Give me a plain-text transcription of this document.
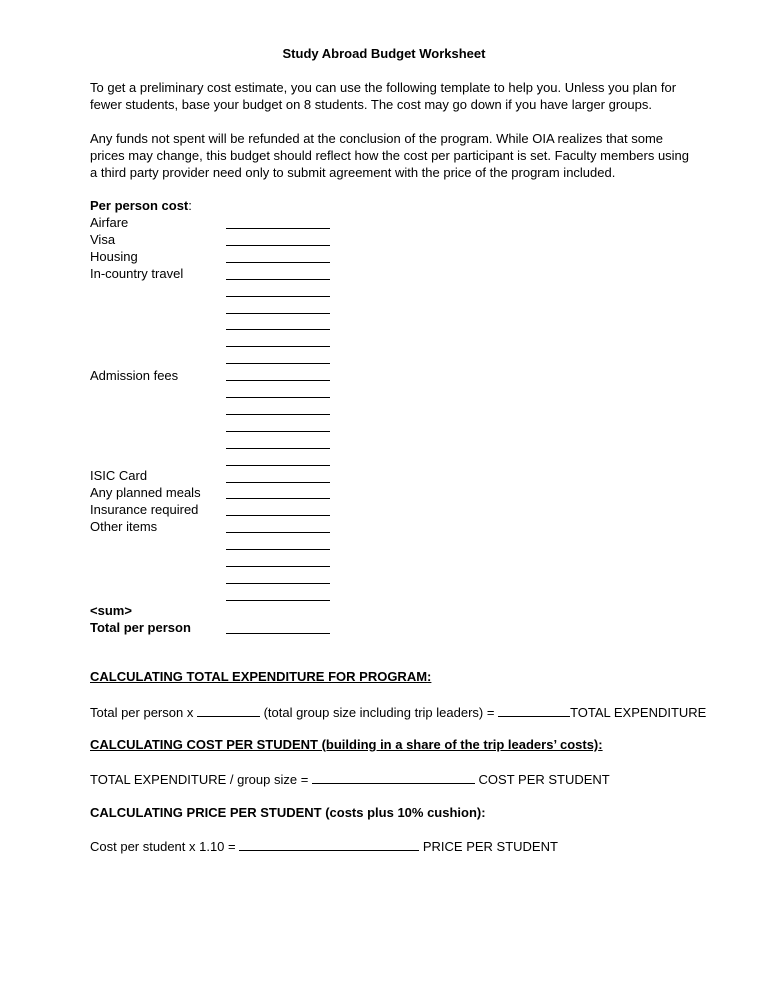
Study Abroad Budget Worksheet
To get a preliminary cost estimate, you can use the following template to help you. Unless you plan for fewer students, base your budget on 8 students. The cost may go down if you have larger groups.
Any funds not spent will be refunded at the conclusion of the program. While OIA realizes that some prices may change, this budget should reflect how the cost per participant is set. Faculty members using a third party provider need only to submit agreement with the price of the program included.
Per person cost:
Airfare
Visa
Housing
In-country travel
Admission fees
ISIC Card
Any planned meals
Insurance required
Other items
<sum>
Total per person
CALCULATING TOTAL EXPENDITURE FOR PROGRAM:
Total per person x	(total group size including trip leaders) =	TOTAL EXPENDITURE
CALCULATING COST PER STUDENT (building in a share of the trip leaders’ costs):
TOTAL EXPENDITURE / group size =	COST PER STUDENT
CALCULATING PRICE PER STUDENT (costs plus 10% cushion):
Cost per student x 1.10 =	PRICE PER STUDENT
